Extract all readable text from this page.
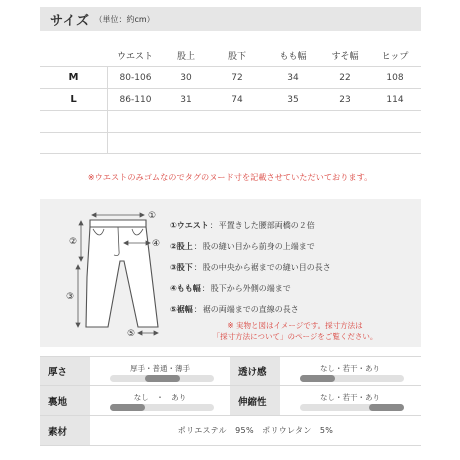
サイズ （単位：約cm）
ウエスト	股上	股下	もも幅	すそ幅	ヒップ
M	80-106	30	72	34	22	108
L	86-110	31	74	35	23	114
※ウエストのみゴムなのでタグのヌード寸を記載させていただいております。
①
②
③
④
⑤
① ウエスト ： 平置きした腰部両橋の２倍
② 股上 ： 股の縫い目から前身の上端まで
③ 股下 ： 股の中央から裾までの縫い目の長さ
④ もも幅 ： 股下から外側の端まで
⑤ 裾幅 ： 裾の両端までの直線の長さ
※ 実物と図はイメージです。採寸方法は
「採寸方法について」のページをご覧ください。
厚さ	厚手・普通・薄手	透け感	なし・若干・あり
裏地	なし　・　あり	伸縮性	なし・若干・あり
素材	ポリエステル　95%　ポリウレタン　5%
